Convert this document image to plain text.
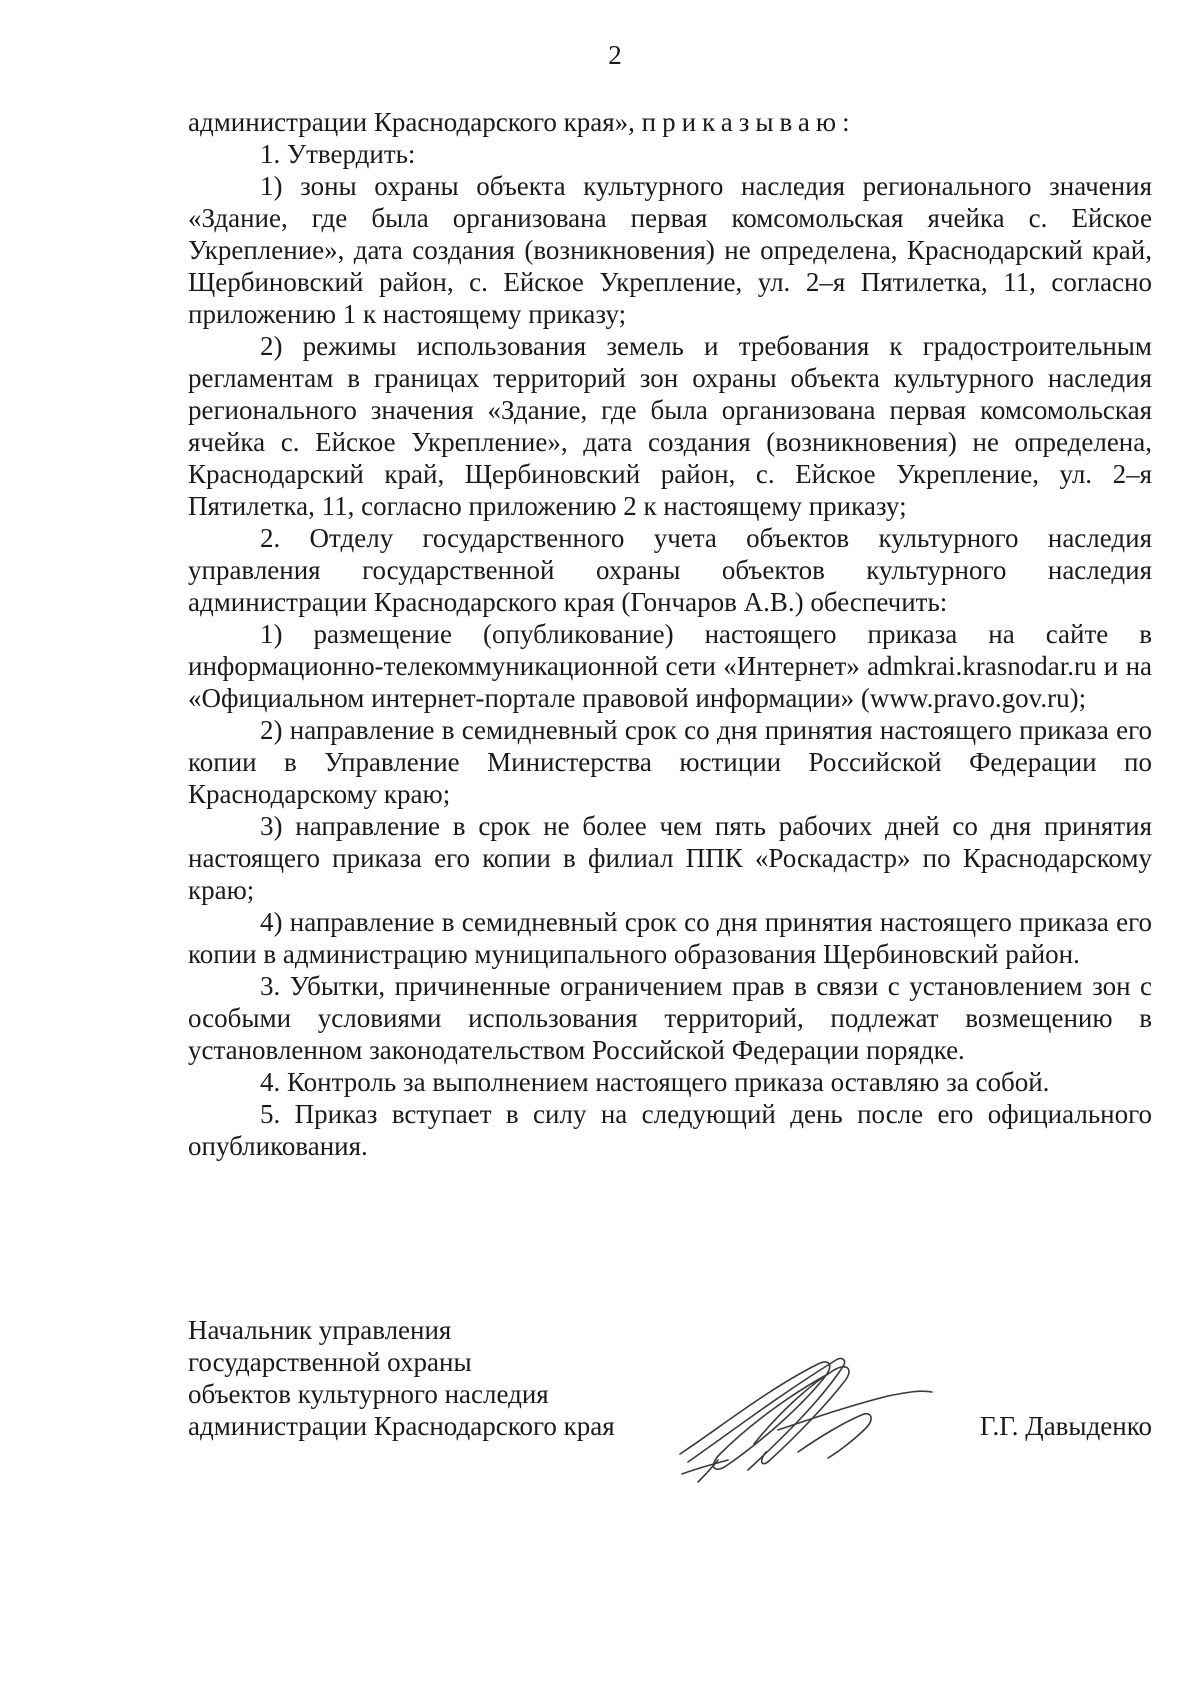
2

администрации Краснодарского края», приказываю:

1. Утвердить:

1) зоны охраны объекта культурного наследия регионального значения «Здание, где была организована первая комсомольская ячейка с. Ейское Укрепление», дата создания (возникновения) не определена, Краснодарский край, Щербиновский район, с. Ейское Укрепление, ул. 2–я Пятилетка, 11, согласно приложению 1 к настоящему приказу;

2) режимы использования земель и требования к градостроительным регламентам в границах территорий зон охраны объекта культурного наследия регионального значения «Здание, где была организована первая комсомольская ячейка с. Ейское Укрепление», дата создания (возникновения) не определена, Краснодарский край, Щербиновский район, с. Ейское Укрепление, ул. 2–я Пятилетка, 11, согласно приложению 2 к настоящему приказу;

2. Отделу государственного учета объектов культурного наследия управления государственной охраны объектов культурного наследия администрации Краснодарского края (Гончаров А.В.) обеспечить:

1) размещение (опубликование) настоящего приказа на сайте в информационно-телекоммуникационной сети «Интернет» admkrai.krasnodar.ru и на «Официальном интернет-портале правовой информации» (www.pravo.gov.ru);

2) направление в семидневный срок со дня принятия настоящего приказа его копии в Управление Министерства юстиции Российской Федерации по Краснодарскому краю;

3) направление в срок не более чем пять рабочих дней со дня принятия настоящего приказа его копии в филиал ППК «Роскадастр» по Краснодарскому краю;

4) направление в семидневный срок со дня принятия настоящего приказа его копии в администрацию муниципального образования Щербиновский район.

3. Убытки, причиненные ограничением прав в связи с установлением зон с особыми условиями использования территорий, подлежат возмещению в установленном законодательством Российской Федерации порядке.

4. Контроль за выполнением настоящего приказа оставляю за собой.

5. Приказ вступает в силу на следующий день после его официального опубликования.

Начальник управления
государственной охраны
объектов культурного наследия
администрации Краснодарского края	Г.Г. Давыденко
